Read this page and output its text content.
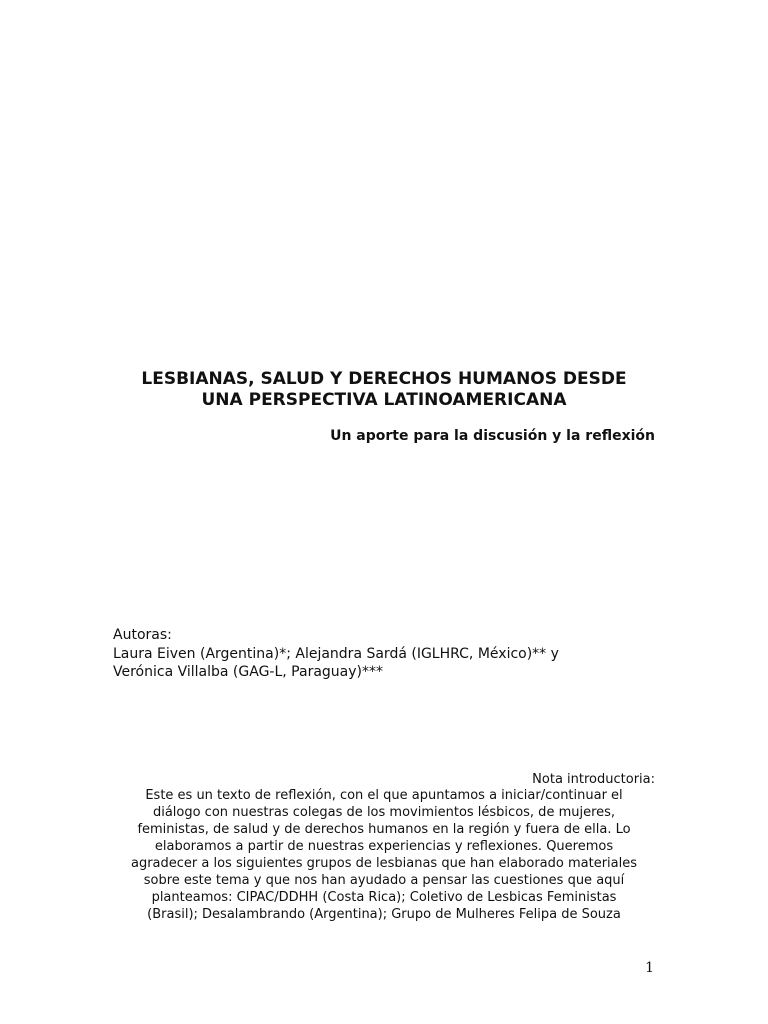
LESBIANAS, SALUD Y DERECHOS HUMANOS DESDE
UNA PERSPECTIVA LATINOAMERICANA

Un aporte para la discusión y la reflexión

Autoras:
Laura Eiven (Argentina)*; Alejandra Sardá (IGLHRC, México)** y
Verónica Villalba (GAG-L, Paraguay)***
Nota introductoria:
Este es un texto de reflexión, con el que apuntamos a iniciar/continuar el
diálogo con nuestras colegas de los movimientos lésbicos, de mujeres,
feministas, de salud y de derechos humanos en la región y fuera de ella. Lo
elaboramos a partir de nuestras experiencias y reflexiones. Queremos
agradecer a los siguientes grupos de lesbianas que han elaborado materiales
sobre este tema y que nos han ayudado a pensar las cuestiones que aquí
planteamos: CIPAC/DDHH (Costa Rica); Coletivo de Lesbicas Feministas
(Brasil); Desalambrando (Argentina); Grupo de Mulheres Felipa de Souza
1
